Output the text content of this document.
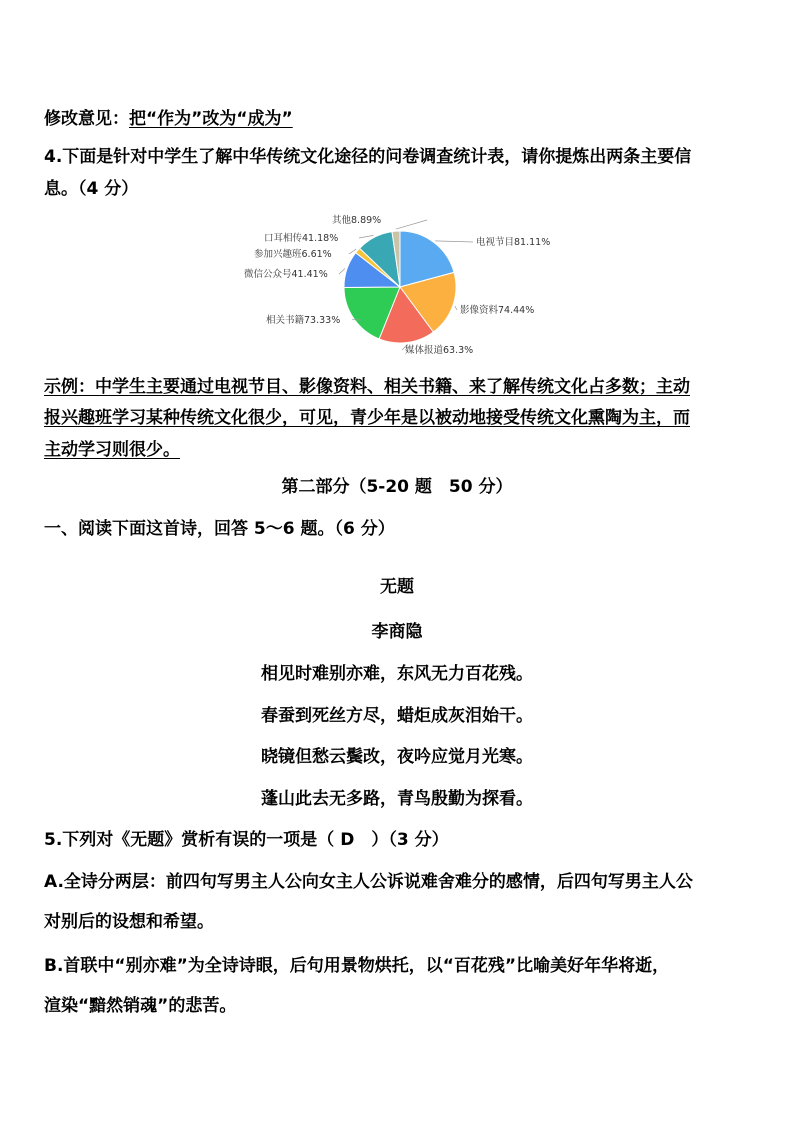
修改意见：把“作为”改为“成为”
4.下面是针对中学生了解中华传统文化途径的问卷调查统计表，请你提炼出两条主要信
息。（4 分）
电视节目81.11%
影像资料74.44%
媒体报道63.3%
相关书籍73.33%
微信公众号41.41%
参加兴趣班6.61%
口耳相传41.18%
其他8.89%
示例：中学生主要通过电视节目、影像资料、相关书籍、来了解传统文化占多数；主动
报兴趣班学习某种传统文化很少，可见，青少年是以被动地接受传统文化熏陶为主，而
主动学习则很少。
第二部分（5-20 题　50 分）
一、阅读下面这首诗，回答 5～6 题。（6 分）
无题
李商隐
相见时难别亦难，东风无力百花残。
春蚕到死丝方尽，蜡炬成灰泪始干。
晓镜但愁云鬓改，夜吟应觉月光寒。
蓬山此去无多路，青鸟殷勤为探看。
5.下列对《无题》赏析有误的一项是（ D　）（3 分）
A.全诗分两层：前四句写男主人公向女主人公诉说难舍难分的感情，后四句写男主人公
对别后的设想和希望。
B.首联中“别亦难”为全诗诗眼，后句用景物烘托，以“百花残”比喻美好年华将逝，
渲染“黯然销魂”的悲苦。
